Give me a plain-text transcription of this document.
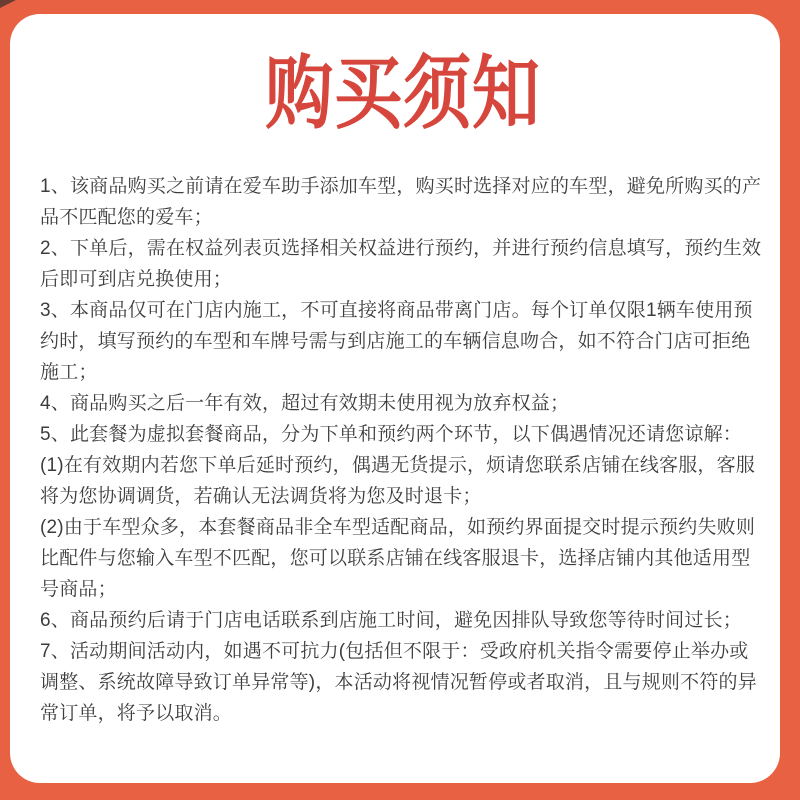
购买须知

1、该商品购买之前请在爱车助手添加车型，购买时选择对应的车型，避免所购买的产品不匹配您的爱车；

2、下单后，需在权益列表页选择相关权益进行预约，并进行预约信息填写，预约生效后即可到店兑换使用；

3、本商品仅可在门店内施工，不可直接将商品带离门店。每个订单仅限1辆车使用预约时，填写预约的车型和车牌号需与到店施工的车辆信息吻合，如不符合门店可拒绝施工；

4、商品购买之后一年有效，超过有效期未使用视为放弃权益；

5、此套餐为虚拟套餐商品，分为下单和预约两个环节，以下偶遇情况还请您谅解：

(1)在有效期内若您下单后延时预约，偶遇无货提示，烦请您联系店铺在线客服，客服将为您协调调货，若确认无法调货将为您及时退卡；

(2)由于车型众多，本套餐商品非全车型适配商品，如预约界面提交时提示预约失败则比配件与您输入车型不匹配，您可以联系店铺在线客服退卡，选择店铺内其他适用型号商品；

6、商品预约后请于门店电话联系到店施工时间，避免因排队导致您等待时间过长；

7、活动期间活动内，如遇不可抗力(包括但不限于：受政府机关指令需要停止举办或调整、系统故障导致订单异常等)，本活动将视情况暂停或者取消，且与规则不符的异常订单，将予以取消。
